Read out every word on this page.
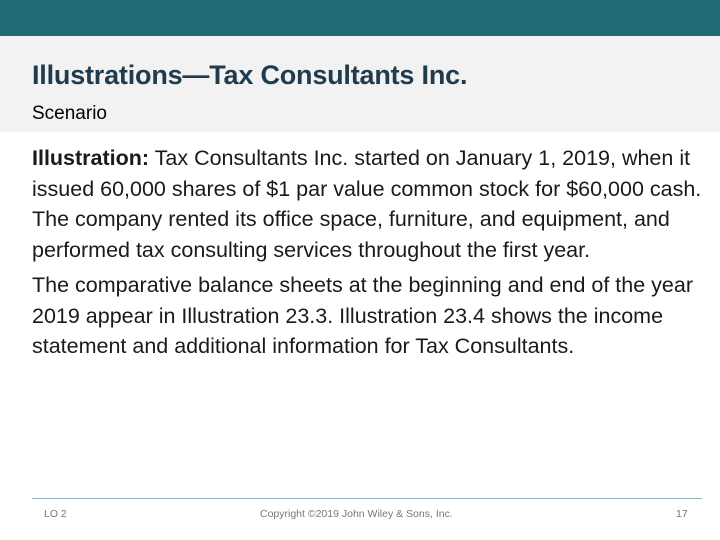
Illustrations—Tax Consultants Inc.
Scenario

Illustration: Tax Consultants Inc. started on January 1, 2019, when it issued 60,000 shares of $1 par value common stock for $60,000 cash. The company rented its office space, furniture, and equipment, and performed tax consulting services throughout the first year.

The comparative balance sheets at the beginning and end of the year 2019 appear in Illustration 23.3. Illustration 23.4 shows the income statement and additional information for Tax Consultants.

LO 2	Copyright ©2019 John Wiley & Sons, Inc.	17
